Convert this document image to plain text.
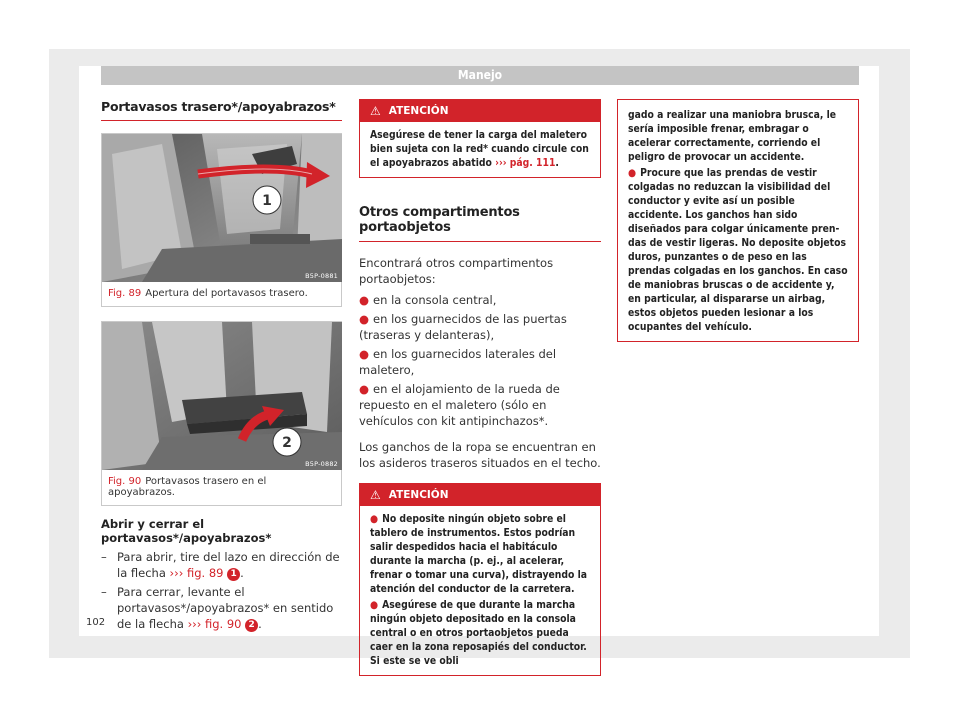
Manejo
Portavasos trasero*/apoyabrazos*
1
B5P-0881
Fig. 89 Apertura del portavasos trasero.
2
B5P-0882
Fig. 90 Portavasos trasero en el apoyabrazos.
Abrir y cerrar el portavasos*/apoyabrazos*
– Para abrir, tire del lazo en dirección de la flecha ››› fig. 89 1 .
– Para cerrar, levante el portavasos*/apoyabrazos* en sentido de la flecha ››› fig. 90 2 .
⚠ ATENCIÓN
Asegúrese de tener la carga del maletero bien sujeta con la red* cuando circule con el apoyabrazos abatido ››› pág. 111.
Otros compartimentos portaobjetos
Encontrará otros compartimentos portaobjetos:
● en la consola central,
● en los guarnecidos de las puertas (traseras y delanteras),
● en los guarnecidos laterales del maletero,
● en el alojamiento de la rueda de repuesto en el maletero (sólo en vehículos con kit antipinchazos*.
Los ganchos de la ropa se encuentran en los asideros traseros situados en el techo.
⚠ ATENCIÓN
● No deposite ningún objeto sobre el tablero de instrumentos. Estos podrían salir despedidos hacia el habitáculo durante la marcha (p. ej., al acelerar, frenar o tomar una curva), distrayendo la atención del conductor de la carretera.
● Asegúrese de que durante la marcha ningún objeto depositado en la consola central o en otros portaobjetos pueda caer en la zona reposapiés del conductor. Si este se ve obli
gado a realizar una maniobra brusca, le sería imposible frenar, embragar o acelerar correctamente, corriendo el peligro de provocar un accidente.
● Procure que las prendas de vestir colgadas no reduzcan la visibilidad del conductor y evite así un posible accidente. Los ganchos han sido diseñados para colgar únicamente prendas de vestir ligeras. No deposite objetos duros, punzantes o de peso en las prendas colgadas en los ganchos. En caso de maniobras bruscas o de accidente y, en particular, al dispararse un airbag, estos objetos pueden lesionar a los ocupantes del vehículo.
102
